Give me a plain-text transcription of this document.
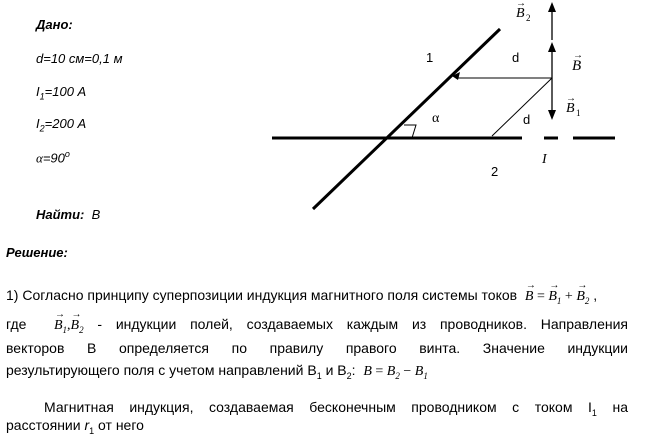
Дано:
d=10 см=0,1 м
$I_1=100$ А
$I_2=200$ А
$\alpha=90^о$
Найти: B
1
2
d
d
α
B 2
→
B
→
B 1
→
I
Решение:
1) Согласно принципу суперпозиции индукция магнитного поля системы токов → B = → $B_1$ + → $B_2$ ,
где → $B_1,\to B_2$ - индукции полей, создаваемых каждым из проводников. Направления
векторов В определяется по правилу правого винта. Значение индукции
результирующего поля с учетом направлений $B_1$ и $B_2$: $B = B_2 - B_1$
Магнитная индукция, создаваемая бесконечным проводником с током $I_1$ на
расстоянии $r_1$ от него
